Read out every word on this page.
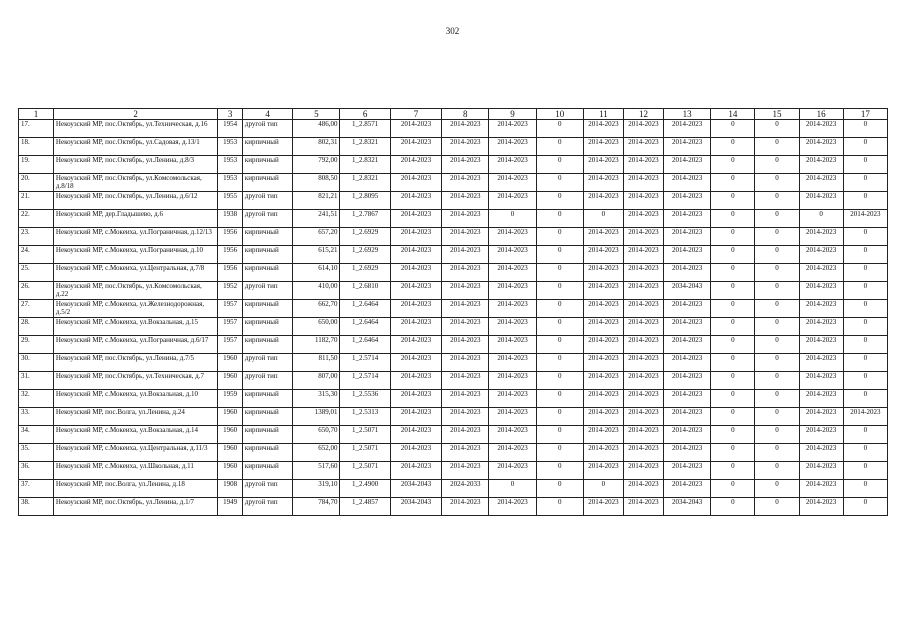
302
1	2	3	4	5	6	7	8	9	10	11	12	13	14	15	16	17
17.	Некоузский МР, пос.Октябрь, ул.Техническая, д.16	1954	другой тип	486,00	1_2.8571	2014-2023	2014-2023	2014-2023	0	2014-2023	2014-2023	2014-2023	0	0	2014-2023	0
18.	Некоузский МР, пос.Октябрь, ул.Садовая, д.13/1	1953	кирпичный	802,31	1_2.8321	2014-2023	2014-2023	2014-2023	0	2014-2023	2014-2023	2014-2023	0	0	2014-2023	0
19.	Некоузский МР, пос.Октябрь, ул.Ленина, д.8/3	1953	кирпичный	792,00	1_2.8321	2014-2023	2014-2023	2014-2023	0	2014-2023	2014-2023	2014-2023	0	0	2014-2023	0
20.	Некоузский МР, пос.Октябрь, ул.Комсомольская, д.8/18	1953	кирпичный	808,50	1_2.8321	2014-2023	2014-2023	2014-2023	0	2014-2023	2014-2023	2014-2023	0	0	2014-2023	0
21.	Некоузский МР, пос.Октябрь, ул.Ленина, д.6/12	1955	другой тип	821,21	1_2.8095	2014-2023	2014-2023	2014-2023	0	2014-2023	2014-2023	2014-2023	0	0	2014-2023	0
22.	Некоузский МР, дер.Гладышево, д.6	1938	другой тип	241,51	1_2.7867	2014-2023	2014-2023	0	0	0	2014-2023	2014-2023	0	0	0	2014-2023
23.	Некоузский МР, с.Мокеиха, ул.Пограничная, д.12/13	1956	кирпичный	657,20	1_2.6929	2014-2023	2014-2023	2014-2023	0	2014-2023	2014-2023	2014-2023	0	0	2014-2023	0
24.	Некоузский МР, с.Мокеиха, ул.Пограничная, д.10	1956	кирпичный	615,21	1_2.6929	2014-2023	2014-2023	2014-2023	0	2014-2023	2014-2023	2014-2023	0	0	2014-2023	0
25.	Некоузский МР, с.Мокеиха, ул.Центральная, д.7/8	1956	кирпичный	614,10	1_2.6929	2014-2023	2014-2023	2014-2023	0	2014-2023	2014-2023	2014-2023	0	0	2014-2023	0
26.	Некоузский МР, пос.Октябрь, ул.Комсомольская, д.22	1952	другой тип	410,00	1_2.6810	2014-2023	2014-2023	2014-2023	0	2014-2023	2014-2023	2034-2043	0	0	2014-2023	0
27.	Некоузский МР, с.Мокеиха, ул.Железнодорожная, д.5/2	1957	кирпичный	662,70	1_2.6464	2014-2023	2014-2023	2014-2023	0	2014-2023	2014-2023	2014-2023	0	0	2014-2023	0
28.	Некоузский МР, с.Мокеиха, ул.Вокзальная, д.15	1957	кирпичный	650,00	1_2.6464	2014-2023	2014-2023	2014-2023	0	2014-2023	2014-2023	2014-2023	0	0	2014-2023	0
29.	Некоузский МР, с.Мокеиха, ул.Пограничная, д.6/17	1957	кирпичный	1182,70	1_2.6464	2014-2023	2014-2023	2014-2023	0	2014-2023	2014-2023	2014-2023	0	0	2014-2023	0
30.	Некоузский МР, пос.Октябрь, ул.Ленина, д.7/5	1960	другой тип	811,50	1_2.5714	2014-2023	2014-2023	2014-2023	0	2014-2023	2014-2023	2014-2023	0	0	2014-2023	0
31.	Некоузский МР, пос.Октябрь, ул.Техническая, д.7	1960	другой тип	807,00	1_2.5714	2014-2023	2014-2023	2014-2023	0	2014-2023	2014-2023	2014-2023	0	0	2014-2023	0
32.	Некоузский МР, с.Мокеиха, ул.Вокзальная, д.10	1959	кирпичный	315,30	1_2.5536	2014-2023	2014-2023	2014-2023	0	2014-2023	2014-2023	2014-2023	0	0	2014-2023	0
33.	Некоузский МР, пос.Волга, ул.Ленина, д.24	1960	кирпичный	1389,01	1_2.5313	2014-2023	2014-2023	2014-2023	0	2014-2023	2014-2023	2014-2023	0	0	2014-2023	2014-2023
34.	Некоузский МР, с.Мокеиха, ул.Вокзальная, д.14	1960	кирпичный	650,70	1_2.5071	2014-2023	2014-2023	2014-2023	0	2014-2023	2014-2023	2014-2023	0	0	2014-2023	0
35.	Некоузский МР, с.Мокеиха, ул.Центральная, д.11/3	1960	кирпичный	652,00	1_2.5071	2014-2023	2014-2023	2014-2023	0	2014-2023	2014-2023	2014-2023	0	0	2014-2023	0
36.	Некоузский МР, с.Мокеиха, ул.Школьная, д.11	1960	кирпичный	517,60	1_2.5071	2014-2023	2014-2023	2014-2023	0	2014-2023	2014-2023	2014-2023	0	0	2014-2023	0
37.	Некоузский МР, пос.Волга, ул.Ленина, д.18	1908	другой тип	319,10	1_2.4900	2034-2043	2024-2033	0	0	0	2014-2023	2014-2023	0	0	2014-2023	0
38.	Некоузский МР, пос.Октябрь, ул.Ленина, д.1/7	1949	другой тип	784,70	1_2.4857	2034-2043	2014-2023	2014-2023	0	2014-2023	2014-2023	2034-2043	0	0	2014-2023	0
